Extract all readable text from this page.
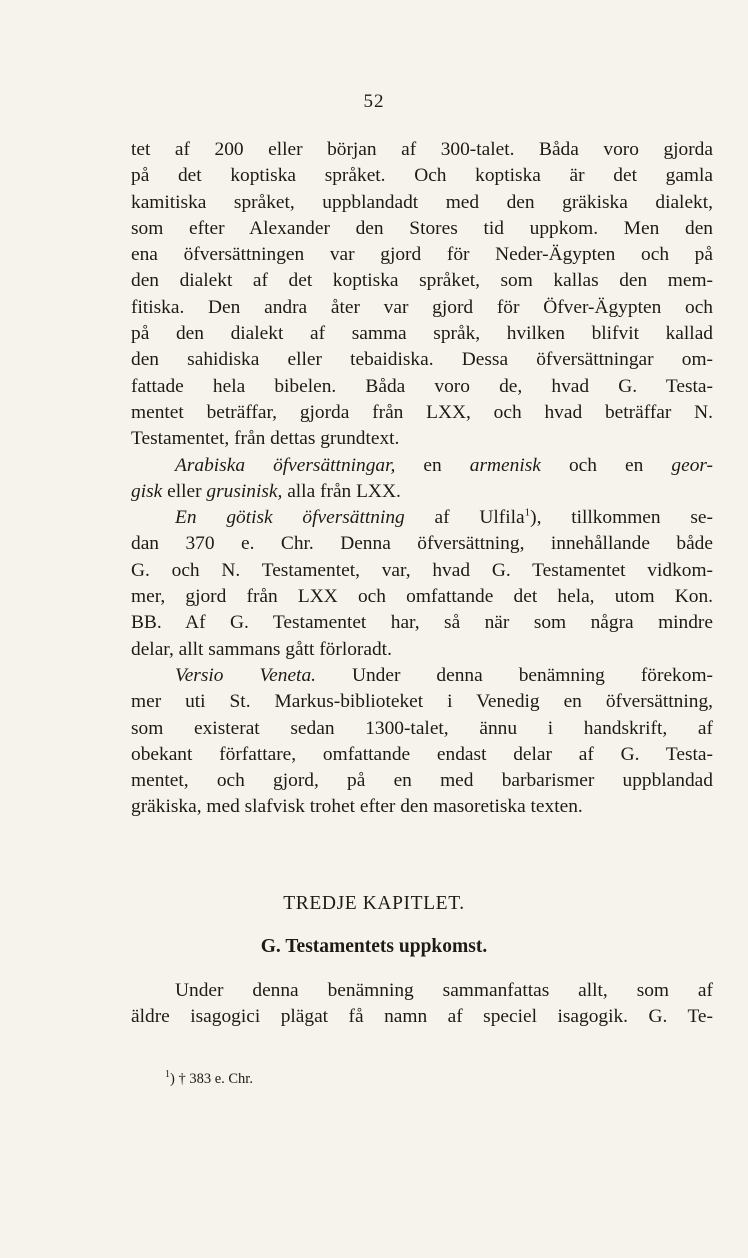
52
tet af 200 eller början af 300-talet. Båda voro gjorda
på det koptiska språket. Och koptiska är det gamla
kamitiska språket, uppblandadt med den gräkiska dialekt,
som efter Alexander den Stores tid uppkom. Men den
ena öfversättningen var gjord för Neder-Ägypten och på
den dialekt af det koptiska språket, som kallas den mem-
fitiska. Den andra åter var gjord för Öfver-Ägypten och
på den dialekt af samma språk, hvilken blifvit kallad
den sahidiska eller tebaidiska. Dessa öfversättningar om-
fattade hela bibelen. Båda voro de, hvad G. Testa-
mentet beträffar, gjorda från LXX, och hvad beträffar N.
Testamentet, från dettas grundtext.
Arabiska öfversättningar, en armenisk och en geor-
gisk eller grusinisk, alla från LXX.
En götisk öfversättning af Ulfila$^1$), tillkommen se-
dan 370 e. Chr. Denna öfversättning, innehållande både
G. och N. Testamentet, var, hvad G. Testamentet vidkom-
mer, gjord från LXX och omfattande det hela, utom Kon.
BB. Af G. Testamentet har, så när som några mindre
delar, allt sammans gått förloradt.
Versio Veneta. Under denna benämning förekom-
mer uti St. Markus-biblioteket i Venedig en öfversättning,
som existerat sedan 1300-talet, ännu i handskrift, af
obekant författare, omfattande endast delar af G. Testa-
mentet, och gjord, på en med barbarismer uppblandad
gräkiska, med slafvisk trohet efter den masoretiska texten.
TREDJE KAPITLET.
G. Testamentets uppkomst.
Under denna benämning sammanfattas allt, som af
äldre isagogici plägat få namn af speciel isagogik. G. Te-
$^1$) † 383 e. Chr.
